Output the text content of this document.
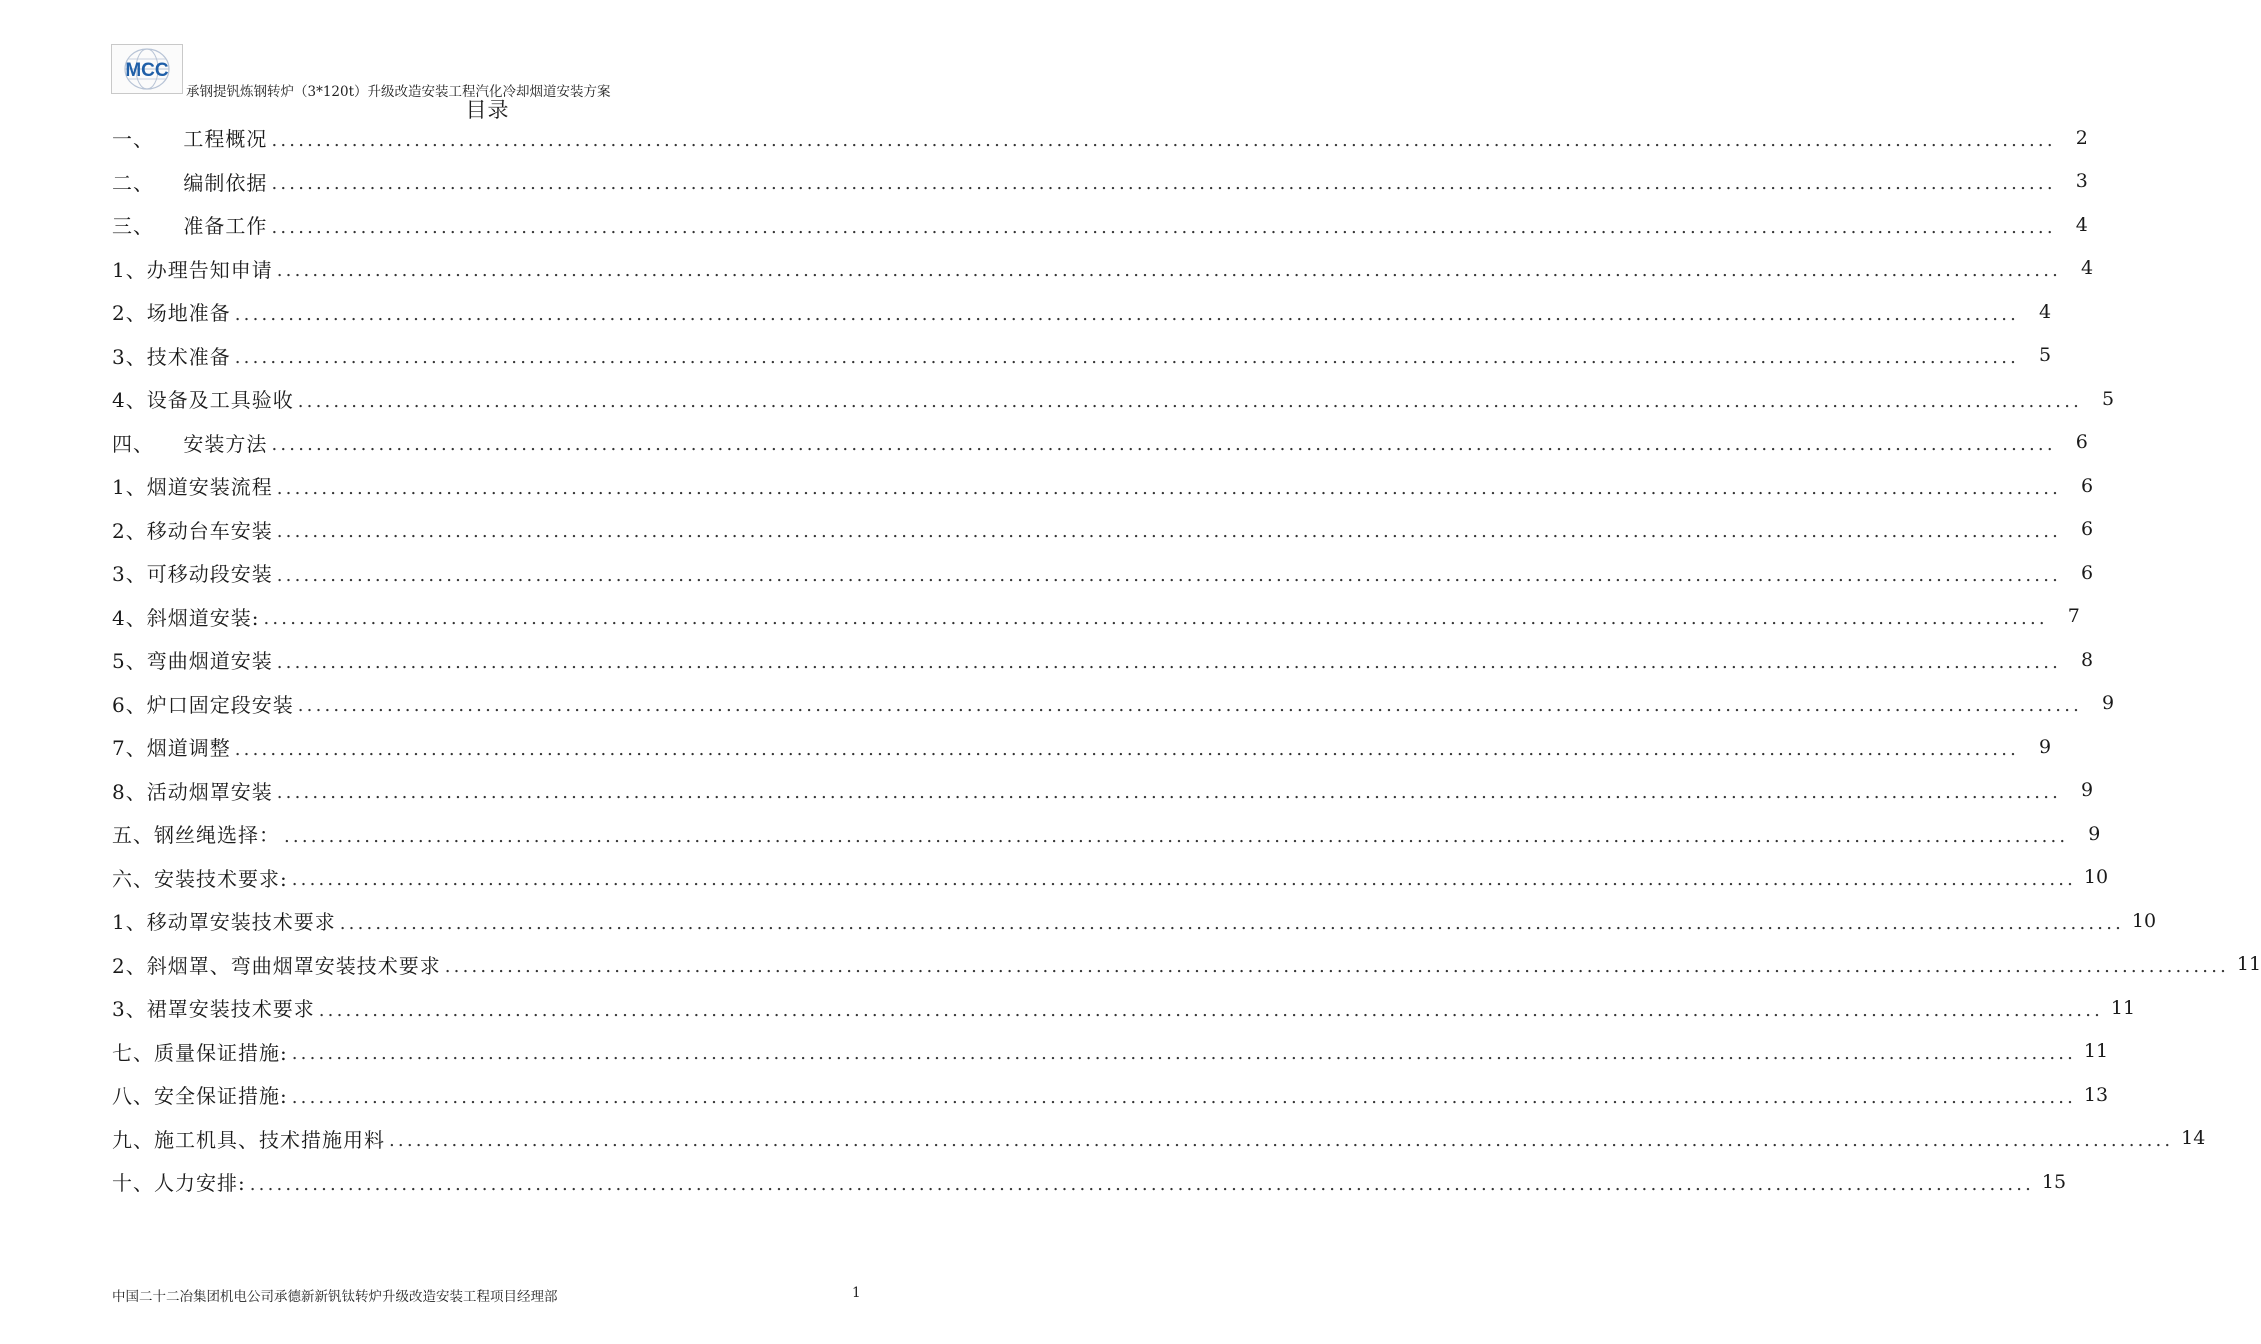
MCC
承钢提钒炼钢转炉（3*120t）升级改造安装工程汽化冷却烟道安装方案
目录
一、    工程概况 ........................................................................................................................................................................................................	2
二、    编制依据 ........................................................................................................................................................................................................	3
三、    准备工作 ........................................................................................................................................................................................................	4
1、办理告知申请 ........................................................................................................................................................................................................	4
2、场地准备 ........................................................................................................................................................................................................	4
3、技术准备 ........................................................................................................................................................................................................	5
4、设备及工具验收 ........................................................................................................................................................................................................	5
四、    安装方法 ........................................................................................................................................................................................................	6
1、烟道安装流程 ........................................................................................................................................................................................................	6
2、移动台车安装 ........................................................................................................................................................................................................	6
3、可移动段安装 ........................................................................................................................................................................................................	6
4、斜烟道安装: ........................................................................................................................................................................................................	7
5、弯曲烟道安装 ........................................................................................................................................................................................................	8
6、炉口固定段安装 ........................................................................................................................................................................................................	9
7、烟道调整 ........................................................................................................................................................................................................	9
8、活动烟罩安装 ........................................................................................................................................................................................................	9
五、钢丝绳选择： ........................................................................................................................................................................................................	9
六、安装技术要求: ........................................................................................................................................................................................................ 10
1、移动罩安装技术要求 ........................................................................................................................................................................................................ 10
2、斜烟罩、弯曲烟罩安装技术要求 ........................................................................................................................................................................................................ 11
3、裙罩安装技术要求 ........................................................................................................................................................................................................ 11
七、质量保证措施: ........................................................................................................................................................................................................ 11
八、安全保证措施: ........................................................................................................................................................................................................ 13
九、施工机具、技术措施用料 ........................................................................................................................................................................................................ 14
十、人力安排: ........................................................................................................................................................................................................ 15
中国二十二冶集团机电公司承德新新钒钛转炉升级改造安装工程项目经理部	1
